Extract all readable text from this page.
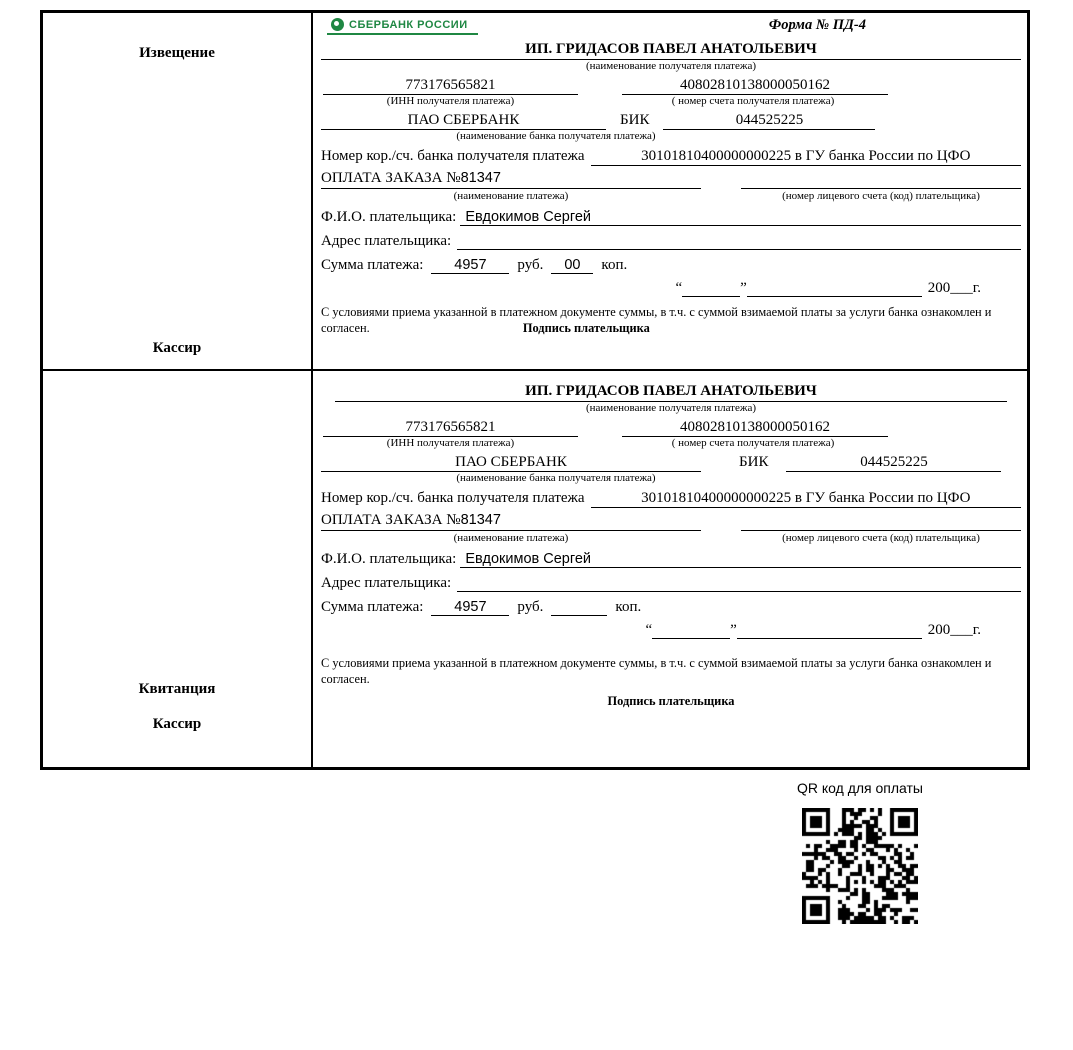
Извещение
Кассир
СБЕРБАНК РОССИИ	Форма № ПД-4
ИП. ГРИДАСОВ ПАВЕЛ АНАТОЛЬЕВИЧ
(наименование получателя платежа)
773176565821	40802810138000050162
(ИНН получателя платежа)	( номер счета получателя платежа)
ПАО СБЕРБАНК	БИК	044525225
(наименование банка получателя платежа)
Номер кор./сч. банка получателя платежа	30101810400000000225 в ГУ банка России по ЦФО
ОПЛАТА ЗАКАЗА №81347
(наименование платежа)	(номер лицевого счета (код) плательщика)
Ф.И.О. плательщика: Евдокимов Сергей
Адрес плательщика:
Сумма платежа:	4957	руб.	00	коп.
“	”	200___г.
С условиями приема указанной в платежном документе суммы, в т.ч. с суммой взимаемой платы за услуги банка ознакомлен и согласен.	Подпись плательщика
Квитанция
Кассир
ИП. ГРИДАСОВ ПАВЕЛ АНАТОЛЬЕВИЧ
(наименование получателя платежа)
773176565821	40802810138000050162
(ИНН получателя платежа)	( номер счета получателя платежа)
ПАО СБЕРБАНК	БИК	044525225
(наименование банка получателя платежа)
Номер кор./сч. банка получателя платежа	30101810400000000225 в ГУ банка России по ЦФО
ОПЛАТА ЗАКАЗА №81347
(наименование платежа)	(номер лицевого счета (код) плательщика)
Ф.И.О. плательщика: Евдокимов Сергей
Адрес плательщика:
Сумма платежа:	4957	руб.	коп.
“	”	200___г.
С условиями приема указанной в платежном документе суммы, в т.ч. с суммой взимаемой платы за услуги банка ознакомлен и согласен.
Подпись плательщика
QR код для оплаты
